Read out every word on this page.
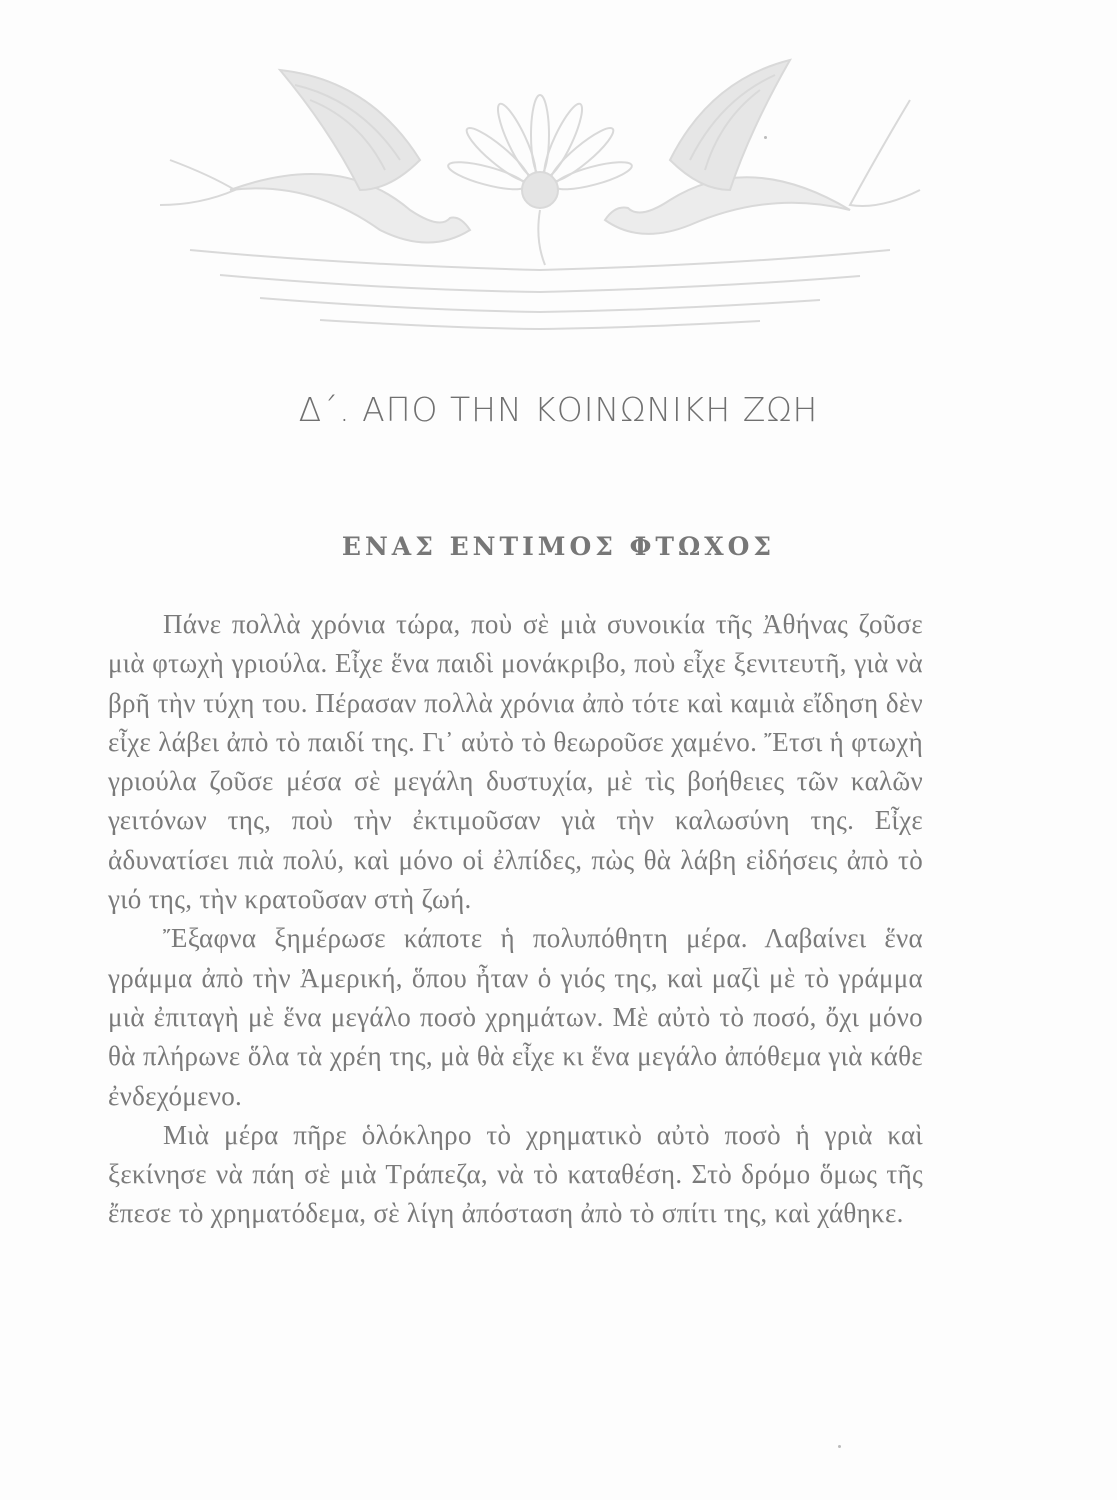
Δ΄. ΑΠΟ ΤΗΝ ΚΟΙΝΩΝΙΚΗ ΖΩΗ
ΕΝΑΣ ΕΝΤΙΜΟΣ ΦΤΩΧΟΣ

Πάνε πολλὰ χρόνια τώρα, ποὺ σὲ μιὰ συνοικία τῆς Ἀθήνας ζοῦσε μιὰ φτωχὴ γριούλα. Εἶχε ἕνα παιδὶ μονάκριβο, ποὺ εἶχε ξενιτευτῆ, γιὰ νὰ βρῆ τὴν τύχη του. Πέρασαν πολλὰ χρόνια ἀπὸ τότε καὶ καμιὰ εἴδηση δὲν εἶχε λάβει ἀπὸ τὸ παιδί της. Γι᾿ αὐτὸ τὸ θεωροῦσε χαμένο. Ἔτσι ἡ φτωχὴ γριούλα ζοῦσε μέσα σὲ μεγάλη δυστυχία, μὲ τὶς βοήθειες τῶν καλῶν γειτόνων της, ποὺ τὴν ἐκτιμοῦσαν γιὰ τὴν καλωσύνη της. Εἶχε ἀδυνατίσει πιὰ πολύ, καὶ μόνο οἱ ἐλπίδες, πὼς θὰ λάβη εἰδήσεις ἀπὸ τὸ γιό της, τὴν κρατοῦσαν στὴ ζωή.

Ἔξαφνα ξημέρωσε κάποτε ἡ πολυπόθητη μέρα. Λαβαίνει ἕνα γράμμα ἀπὸ τὴν Ἀμερική, ὅπου ἦταν ὁ γιός της, καὶ μαζὶ μὲ τὸ γράμμα μιὰ ἐπιταγὴ μὲ ἕνα μεγάλο ποσὸ χρημάτων. Μὲ αὐτὸ τὸ ποσό, ὄχι μόνο θὰ πλήρωνε ὅλα τὰ χρέη της, μὰ θὰ εἶχε κι ἕνα μεγάλο ἀπόθεμα γιὰ κάθε ἐνδεχόμενο.

Μιὰ μέρα πῆρε ὁλόκληρο τὸ χρηματικὸ αὐτὸ ποσὸ ἡ γριὰ καὶ ξεκίνησε νὰ πάη σὲ μιὰ Τράπεζα, νὰ τὸ καταθέση. Στὸ δρόμο ὅμως τῆς ἔπεσε τὸ χρηματόδεμα, σὲ λίγη ἀπόσταση ἀπὸ τὸ σπίτι της, καὶ χάθηκε.
